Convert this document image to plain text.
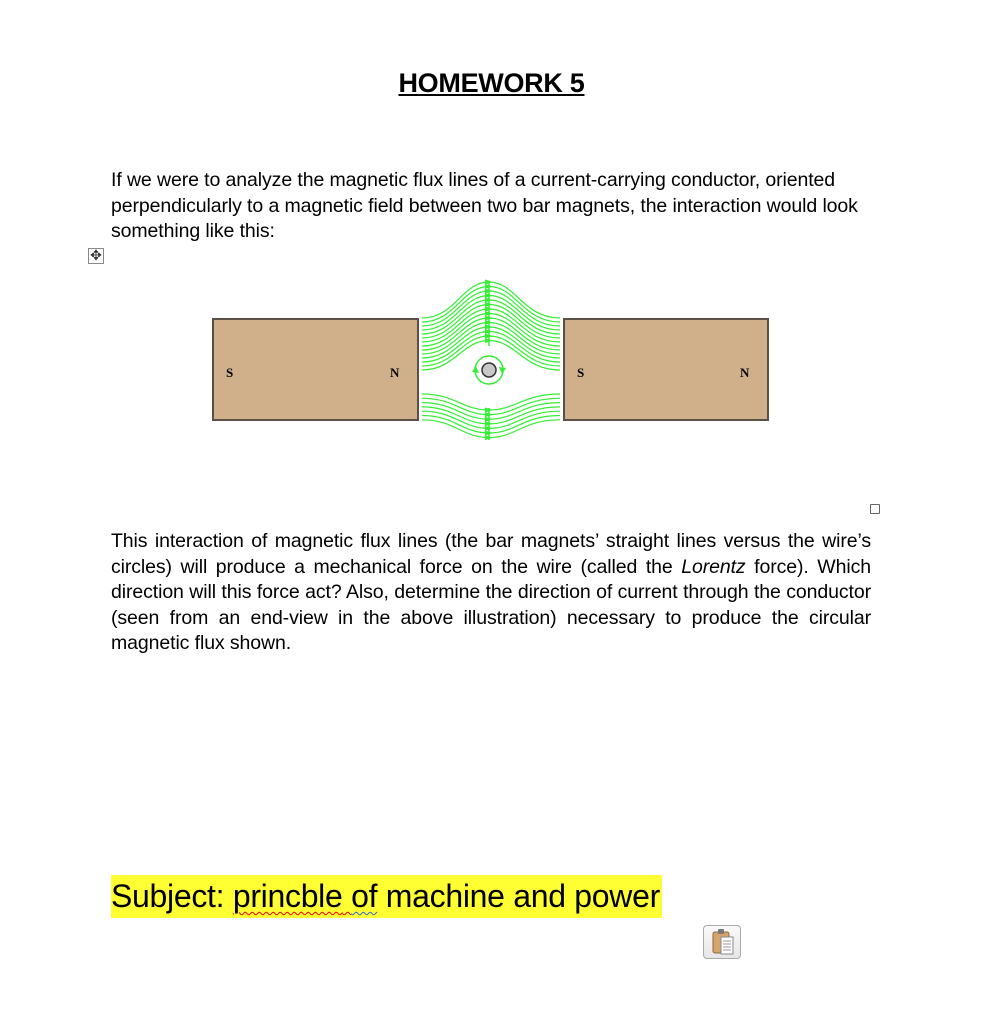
HOMEWORK 5
If we were to analyze the magnetic flux lines of a current-carrying conductor, oriented perpendicularly to a magnetic field between two bar magnets, the interaction would look something like this:
✥
S	N	S	N
This interaction of magnetic flux lines (the bar magnets’ straight lines versus the wire’s circles) will produce a mechanical force on the wire (called the Lorentz force). Which direction will this force act? Also, determine the direction of current through the conductor (seen from an end-view in the above illustration) necessary to produce the circular magnetic flux shown.
Subject: princble of machine and power
